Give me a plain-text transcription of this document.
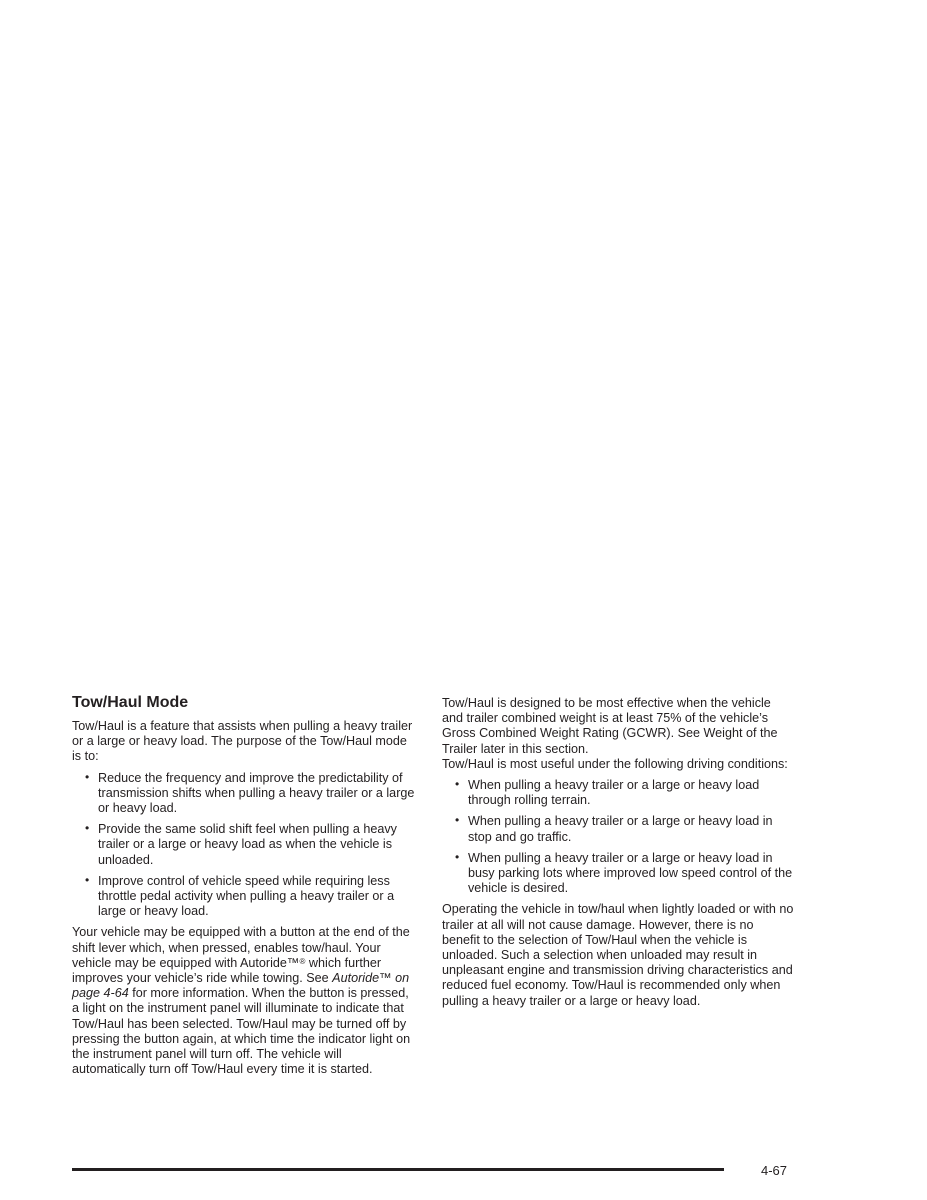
Tow/Haul Mode

Tow/Haul is a feature that assists when pulling a heavy trailer or a large or heavy load. The purpose of the Tow/Haul mode is to:

• Reduce the frequency and improve the predictability of transmission shifts when pulling a heavy trailer or a large or heavy load.
• Provide the same solid shift feel when pulling a heavy trailer or a large or heavy load as when the vehicle is unloaded.
• Improve control of vehicle speed while requiring less throttle pedal activity when pulling a heavy trailer or a large or heavy load.

Your vehicle may be equipped with a button at the end of the shift lever which, when pressed, enables tow/haul. Your vehicle may be equipped with Autoride™® which further improves your vehicle’s ride while towing. See Autoride™ on page 4-64 for more information. When the button is pressed, a light on the instrument panel will illuminate to indicate that Tow/Haul has been selected. Tow/Haul may be turned off by pressing the button again, at which time the indicator light on the instrument panel will turn off. The vehicle will automatically turn off Tow/Haul every time it is started.

Tow/Haul is designed to be most effective when the vehicle and trailer combined weight is at least 75% of the vehicle’s Gross Combined Weight Rating (GCWR). See Weight of the Trailer later in this section.

Tow/Haul is most useful under the following driving conditions:

• When pulling a heavy trailer or a large or heavy load through rolling terrain.
• When pulling a heavy trailer or a large or heavy load in stop and go traffic.
• When pulling a heavy trailer or a large or heavy load in busy parking lots where improved low speed control of the vehicle is desired.

Operating the vehicle in tow/haul when lightly loaded or with no trailer at all will not cause damage. However, there is no benefit to the selection of Tow/Haul when the vehicle is unloaded. Such a selection when unloaded may result in unpleasant engine and transmission driving characteristics and reduced fuel economy. Tow/Haul is recommended only when pulling a heavy trailer or a large or heavy load.

4-67
